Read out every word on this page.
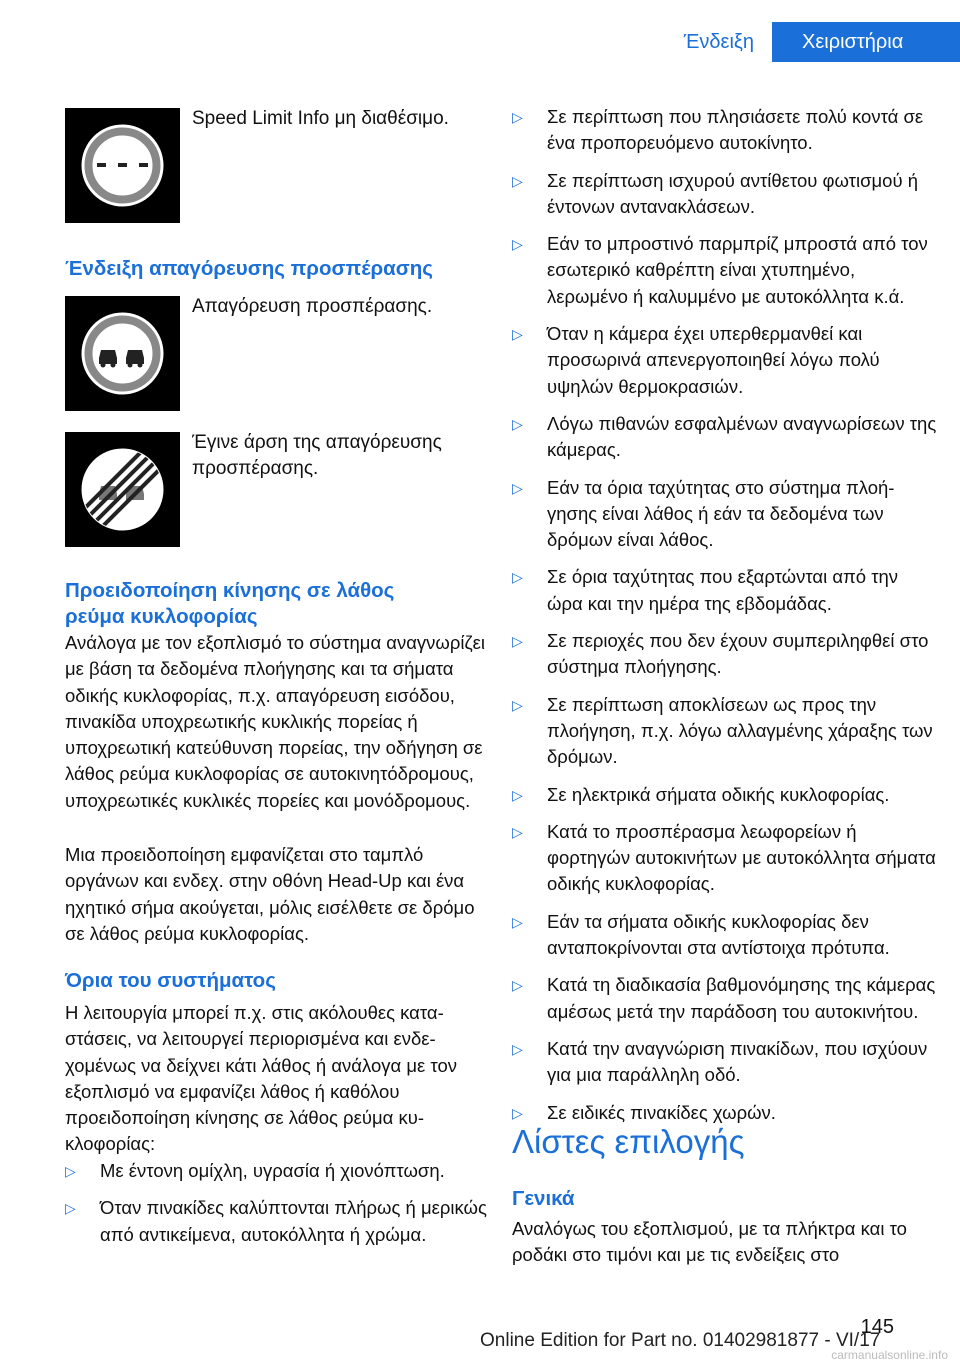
Ένδειξη	Χειριστήρια
Speed Limit Info μη διαθέσιμο.
Ένδειξη απαγόρευσης προσπέρασης
Απαγόρευση προσπέρασης.
Έγινε άρση της απαγόρευσης προσπέρασης.
Προειδοποίηση κίνησης σε λάθος
ρεύμα κυκλοφορίας
Ανάλογα με τον εξοπλισμό το σύστημα αναγνωρίζει με βάση τα δεδομένα πλοήγησης και τα σήματα οδικής κυκλοφορίας, π.χ. απαγόρευση εισόδου, πινακίδα υποχρεωτικής κυκλικής πορείας ή υποχρεωτική κατεύθυνση πορείας, την οδήγηση σε λάθος ρεύμα κυκλοφορίας σε αυτοκινητόδρομους, υποχρεωτικές κυκλικές πορείες και μονόδρομους.
Μια προειδοποίηση εμφανίζεται στο ταμπλό οργάνων και ενδεχ. στην οθόνη Head-Up και ένα ηχητικό σήμα ακούγεται, μόλις εισέλθετε σε δρόμο σε λάθος ρεύμα κυκλοφορίας.
Όρια του συστήματος
Η λειτουργία μπορεί π.χ. στις ακόλουθες καταστάσεις, να λειτουργεί περιορισμένα και ενδεχομένως να δείχνει κάτι λάθος ή ανάλογα με τον εξοπλισμό να εμφανίζει λάθος ή καθόλου προειδοποίηση κίνησης σε λάθος ρεύμα κυκλοφορίας:
▷ Με έντονη ομίχλη, υγρασία ή χιονόπτωση.
▷ Όταν πινακίδες καλύπτονται πλήρως ή μερικώς από αντικείμενα, αυτοκόλλητα ή χρώμα.
▷ Σε περίπτωση που πλησιάσετε πολύ κοντά σε ένα προπορευόμενο αυτοκίνητο.
▷ Σε περίπτωση ισχυρού αντίθετου φωτισμού ή έντονων αντανακλάσεων.
▷ Εάν το μπροστινό παρμπρίζ μπροστά από τον εσωτερικό καθρέπτη είναι χτυπημένο, λερωμένο ή καλυμμένο με αυτοκόλλητα κ.ά.
▷ Όταν η κάμερα έχει υπερθερμανθεί και προσωρινά απενεργοποιηθεί λόγω πολύ υψηλών θερμοκρασιών.
▷ Λόγω πιθανών εσφαλμένων αναγνωρίσεων της κάμερας.
▷ Εάν τα όρια ταχύτητας στο σύστημα πλοήγησης είναι λάθος ή εάν τα δεδομένα των δρόμων είναι λάθος.
▷ Σε όρια ταχύτητας που εξαρτώνται από την ώρα και την ημέρα της εβδομάδας.
▷ Σε περιοχές που δεν έχουν συμπεριληφθεί στο σύστημα πλοήγησης.
▷ Σε περίπτωση αποκλίσεων ως προς την πλοήγηση, π.χ. λόγω αλλαγμένης χάραξης των δρόμων.
▷ Σε ηλεκτρικά σήματα οδικής κυκλοφορίας.
▷ Κατά το προσπέρασμα λεωφορείων ή φορτηγών αυτοκινήτων με αυτοκόλλητα σήματα οδικής κυκλοφορίας.
▷ Εάν τα σήματα οδικής κυκλοφορίας δεν ανταποκρίνονται στα αντίστοιχα πρότυπα.
▷ Κατά τη διαδικασία βαθμονόμησης της κάμερας αμέσως μετά την παράδοση του αυτοκινήτου.
▷ Κατά την αναγνώριση πινακίδων, που ισχύουν για μια παράλληλη οδό.
▷ Σε ειδικές πινακίδες χωρών.
Λίστες επιλογής
Γενικά
Αναλόγως του εξοπλισμού, με τα πλήκτρα και το ροδάκι στο τιμόνι και με τις ενδείξεις στο
145
Online Edition for Part no. 01402981877 - VI/17
carmanualsonline.info
